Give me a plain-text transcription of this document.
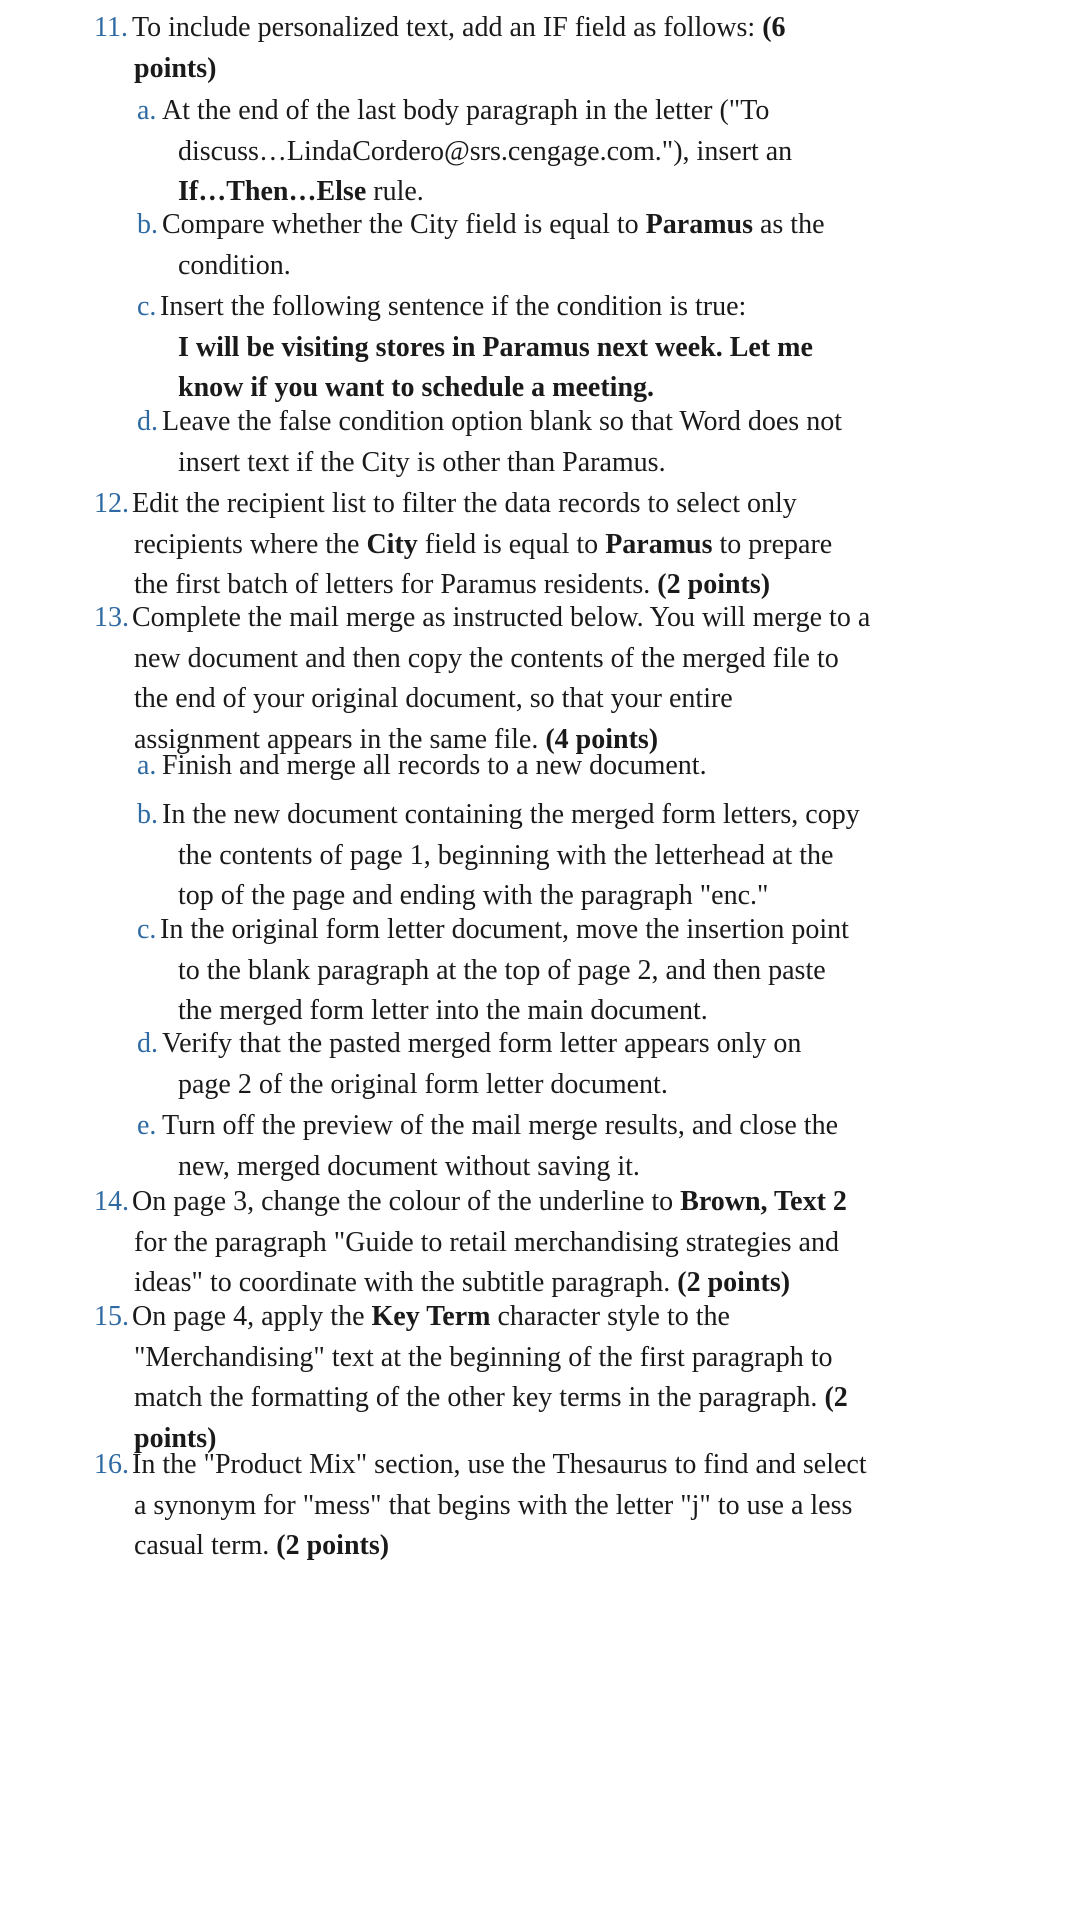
11. To include personalized text, add an IF field as follows: (6
points)
a. At the end of the last body paragraph in the letter ("To
discuss…LindaCordero@srs.cengage.com."), insert an
If…Then…Else rule.
b. Compare whether the City field is equal to Paramus as the
condition.
c. Insert the following sentence if the condition is true:
I will be visiting stores in Paramus next week. Let me
know if you want to schedule a meeting.
d. Leave the false condition option blank so that Word does not
insert text if the City is other than Paramus.
12. Edit the recipient list to filter the data records to select only
recipients where the City field is equal to Paramus to prepare
the first batch of letters for Paramus residents. (2 points)
13. Complete the mail merge as instructed below. You will merge to a
new document and then copy the contents of the merged file to
the end of your original document, so that your entire
assignment appears in the same file. (4 points)
a. Finish and merge all records to a new document.
b. In the new document containing the merged form letters, copy
the contents of page 1, beginning with the letterhead at the
top of the page and ending with the paragraph "enc."
c. In the original form letter document, move the insertion point
to the blank paragraph at the top of page 2, and then paste
the merged form letter into the main document.
d. Verify that the pasted merged form letter appears only on
page 2 of the original form letter document.
e. Turn off the preview of the mail merge results, and close the
new, merged document without saving it.
14. On page 3, change the colour of the underline to Brown, Text 2
for the paragraph "Guide to retail merchandising strategies and
ideas" to coordinate with the subtitle paragraph. (2 points)
15. On page 4, apply the Key Term character style to the
"Merchandising" text at the beginning of the first paragraph to
match the formatting of the other key terms in the paragraph. (2
points)
16. In the "Product Mix" section, use the Thesaurus to find and select
a synonym for "mess" that begins with the letter "j" to use a less
casual term. (2 points)
